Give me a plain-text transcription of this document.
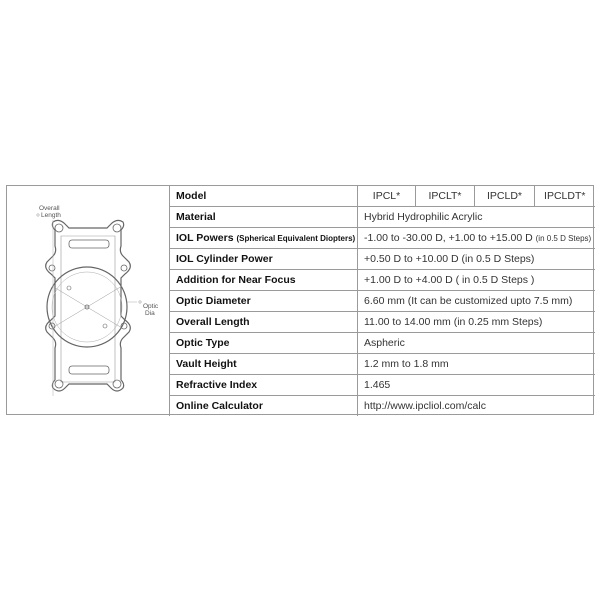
Overall
Length
Optic
Dia
Model	IPCL*	IPCLT*	IPCLD*	IPCLDT*
Material	Hybrid Hydrophilic Acrylic			
IOL Powers (Spherical Equivalent Diopters)	-1.00 to -30.00 D, +1.00 to +15.00 D (in 0.5 D Steps)			
IOL Cylinder Power	+0.50 D to +10.00 D (in 0.5 D Steps)			
Addition for Near Focus	+1.00 D to +4.00 D ( in 0.5 D Steps )			
Optic Diameter	6.60 mm (It can be customized upto 7.5 mm)			
Overall Length	11.00 to 14.00 mm (in 0.25 mm Steps)			
Optic Type	Aspheric			
Vault Height	1.2 mm to 1.8 mm			
Refractive Index	1.465			
Online Calculator	http://www.ipcliol.com/calc			
